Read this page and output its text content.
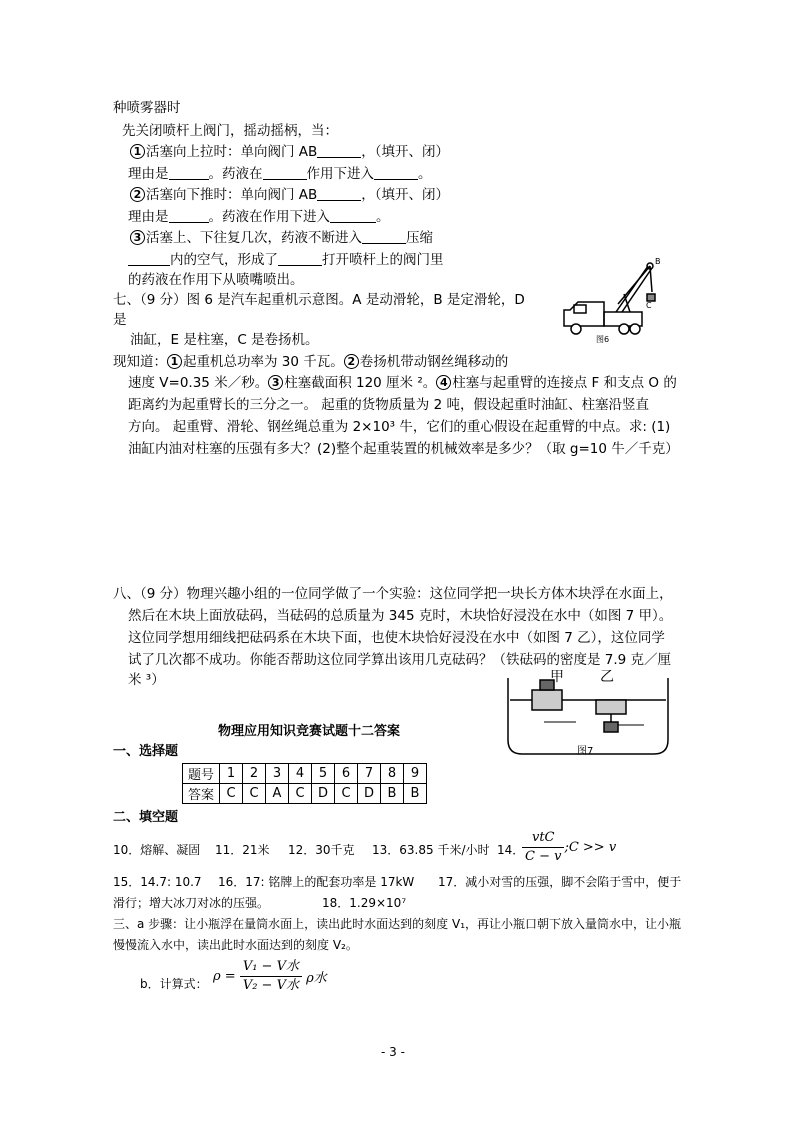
种喷雾器时
先关闭喷杆上阀门，摇动摇柄，当：
1 活塞向上拉时：单向阀门 AB	，（填开、闭）
理由是	。药液在	作用下进入	。
2 活塞向下推时：单向阀门 AB	，（填开、闭）
理由是	。药液在作用下进入	。
3 活塞上、下往复几次，药液不断进入	压缩
内的空气，形成了	打开喷杆上的阀门里
的药液在作用下从喷嘴喷出。
七、（9 分）图 6 是汽车起重机示意图。A 是动滑轮，B 是定滑轮，D
是
油缸，E 是柱塞，C 是卷扬机。
现知道： 1 起重机总功率为 30 千瓦。 2 卷扬机带动钢丝绳移动的
速度 V=0.35 米／秒。 3 柱塞截面积 120 厘米 ²。 4 柱塞与起重臂的连接点 F 和支点 O 的
距离约为起重臂长的三分之一。 起重的货物质量为 2 吨，假设起重时油缸、柱塞沿竖直
方向。 起重臂、滑轮、钢丝绳总重为 2×10³ 牛，它们的重心假设在起重臂的中点。求: (1)
油缸内油对柱塞的压强有多大？(2)整个起重装置的机械效率是多少？（取 g=10 牛／千克）
B
C
图6
八、（9 分）物理兴趣小组的一位同学做了一个实验：这位同学把一块长方体木块浮在水面上，
然后在木块上面放砝码，当砝码的总质量为 345 克时，木块恰好浸没在水中（如图 7 甲）。
这位同学想用细线把砝码系在木块下面，也使木块恰好浸没在水中（如图 7 乙），这位同学
试了几次都不成功。你能否帮助这位同学算出该用几克砝码？（铁砝码的密度是 7.9 克／厘
米 ³）	甲	乙
图7
物理应用知识竞赛试题十二答案
一、选择题
题号	1	2	3	4	5	6	7	8	9
答案	C	C	A	C	D	C	D	B	B
二、填空题
10．熔解、凝固 11．21米 12．30千克 13．63.85 千米/小时 14．
$\frac{\text{vtC}}{C - v}$ ;C >> v
15．14.7: 10.7 16．17: 铭牌上的配套功率是 17kW 17．减小对雪的压强，脚不会陷于雪中，便于
滑行；增大冰刀对冰的压强。	18．1.29×10⁷
三、a 步骤：让小瓶浮在量筒水面上，读出此时水面达到的刻度 V₁，再让小瓶口朝下放入量筒水中，让小瓶
慢慢流入水中，读出此时水面达到的刻度 V₂。
b．计算式： $\rho = \frac{\text{V₁ − V水}}{\text{V₂ − V水}}$ ρ水
- 3 -
